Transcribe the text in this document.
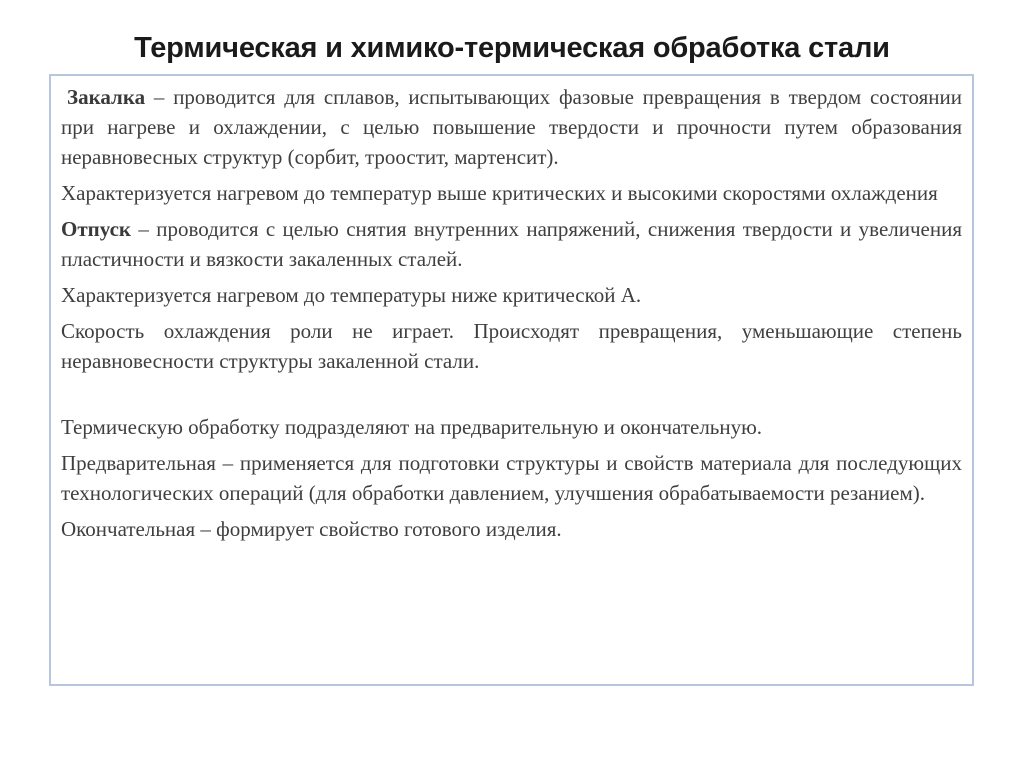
Термическая и химико-термическая обработка стали

Закалка – проводится для сплавов, испытывающих фазовые превращения в твердом состоянии при нагреве и охлаждении, с целью повышение твердости и прочности путем образования неравновесных структур (сорбит, троостит, мартенсит).

Характеризуется нагревом до температур выше критических и высокими скоростями охлаждения

Отпуск – проводится с целью снятия внутренних напряжений, снижения твердости и увеличения пластичности и вязкости закаленных сталей.

Характеризуется нагревом до температуры ниже критической А.

Скорость охлаждения роли не играет. Происходят превращения, уменьшающие степень неравновесности структуры закаленной стали.

Термическую обработку подразделяют на предварительную и окончательную.

Предварительная – применяется для подготовки структуры и свойств материала для последующих технологических операций (для обработки давлением, улучшения обрабатываемости резанием).

Окончательная – формирует свойство готового изделия.
